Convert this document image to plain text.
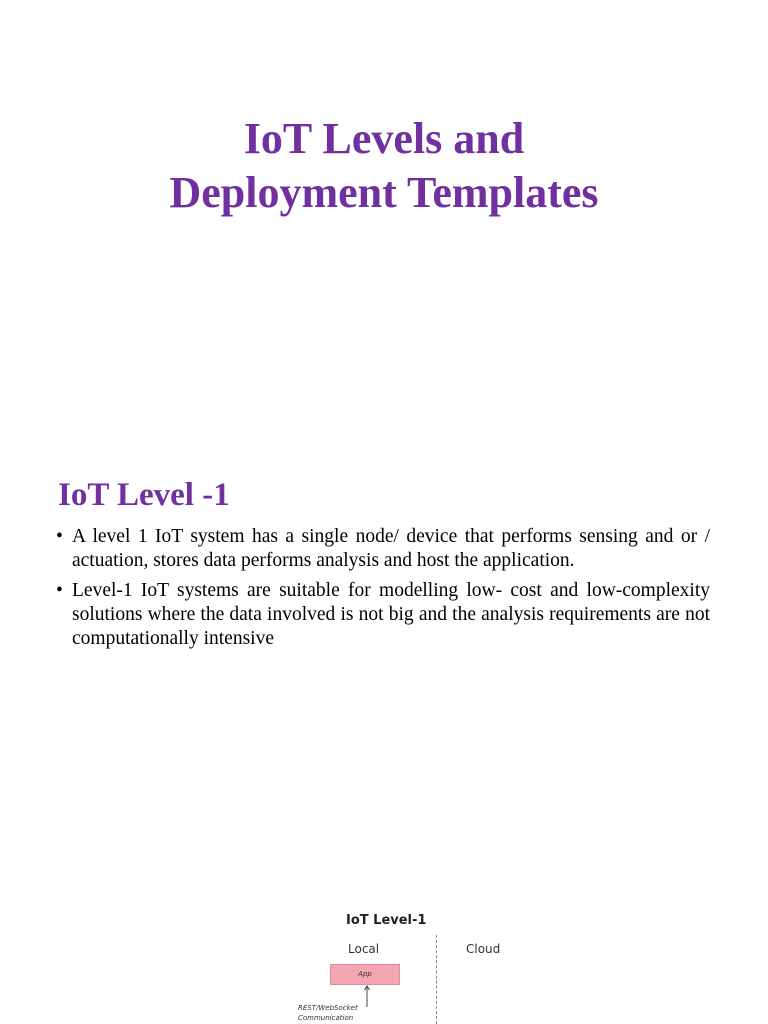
IoT Levels and
Deployment Templates
IoT Level -1
• A level 1 IoT system has a single node/ device that performs sensing and or / actuation, stores data performs analysis and host the application.
• Level-1 IoT systems are suitable for modelling low- cost and low-complexity solutions where the data involved is not big and the analysis requirements are not computationally intensive
IoT Level-1
Local	Cloud
App
REST/WebSocket
Communication
